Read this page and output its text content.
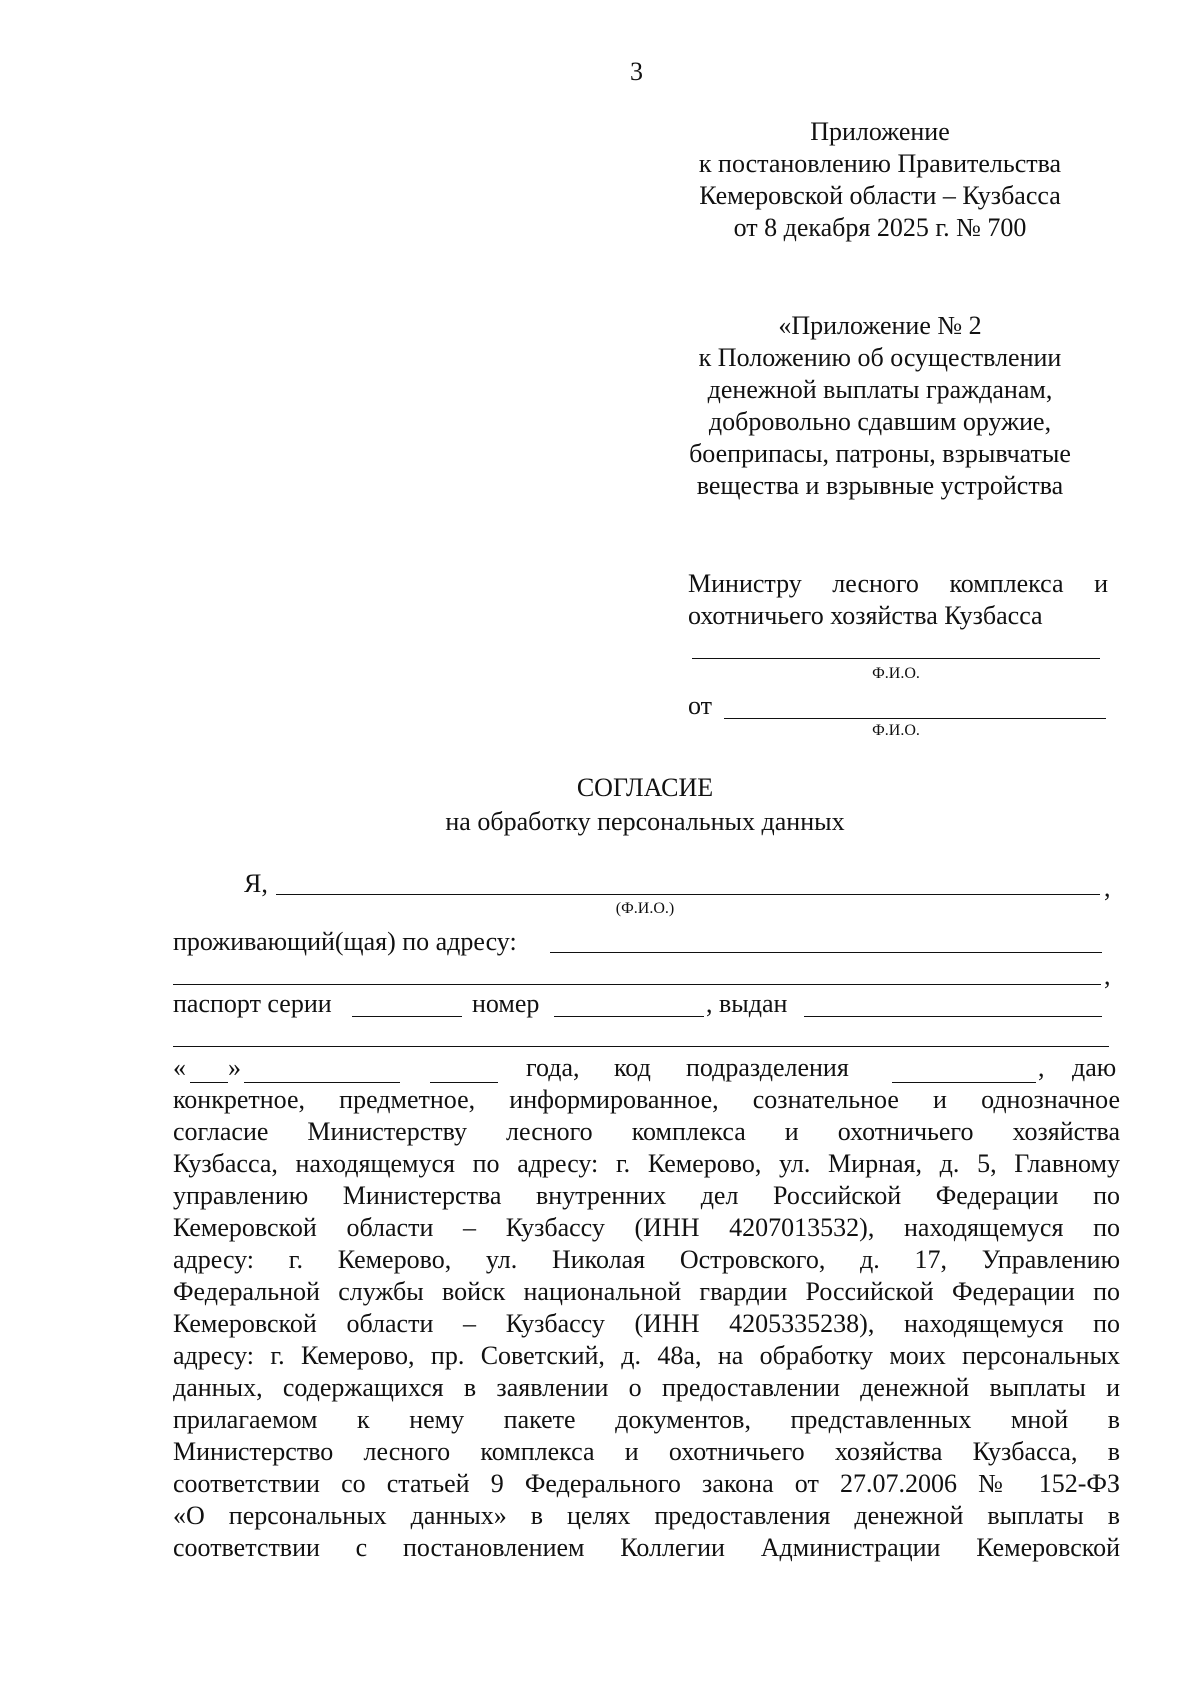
3
Приложение
к постановлению Правительства
Кемеровской области – Кузбасса
от 8 декабря 2025 г. № 700
«Приложение № 2
к Положению об осуществлении
денежной выплаты гражданам,
добровольно сдавшим оружие,
боеприпасы, патроны, взрывчатые
вещества и взрывные устройства
Министру лесного комплекса и
охотничьего хозяйства Кузбасса
Ф.И.О.
от
Ф.И.О.
СОГЛАСИЕ
на обработку персональных данных
Я,	,
(Ф.И.О.)
проживающий(щая) по адресу:
,
паспорт серии	номер	, выдан
« »	года, код подразделения	, даю
конкретное, предметное, информированное, сознательное и однозначное
согласие Министерству лесного комплекса и охотничьего хозяйства
Кузбасса, находящемуся по адресу: г. Кемерово, ул. Мирная, д. 5, Главному
управлению Министерства внутренних дел Российской Федерации по
Кемеровской области – Кузбассу (ИНН 4207013532), находящемуся по
адресу: г. Кемерово, ул. Николая Островского, д. 17, Управлению
Федеральной службы войск национальной гвардии Российской Федерации по
Кемеровской области – Кузбассу (ИНН 4205335238), находящемуся по
адресу: г. Кемерово, пр. Советский, д. 48а, на обработку моих персональных
данных, содержащихся в заявлении о предоставлении денежной выплаты и
прилагаемом к нему пакете документов, представленных мной в
Министерство лесного комплекса и охотничьего хозяйства Кузбасса, в
соответствии со статьей 9 Федерального закона от 27.07.2006 № 152-ФЗ
«О персональных данных» в целях предоставления денежной выплаты в
соответствии с постановлением Коллегии Администрации Кемеровской
